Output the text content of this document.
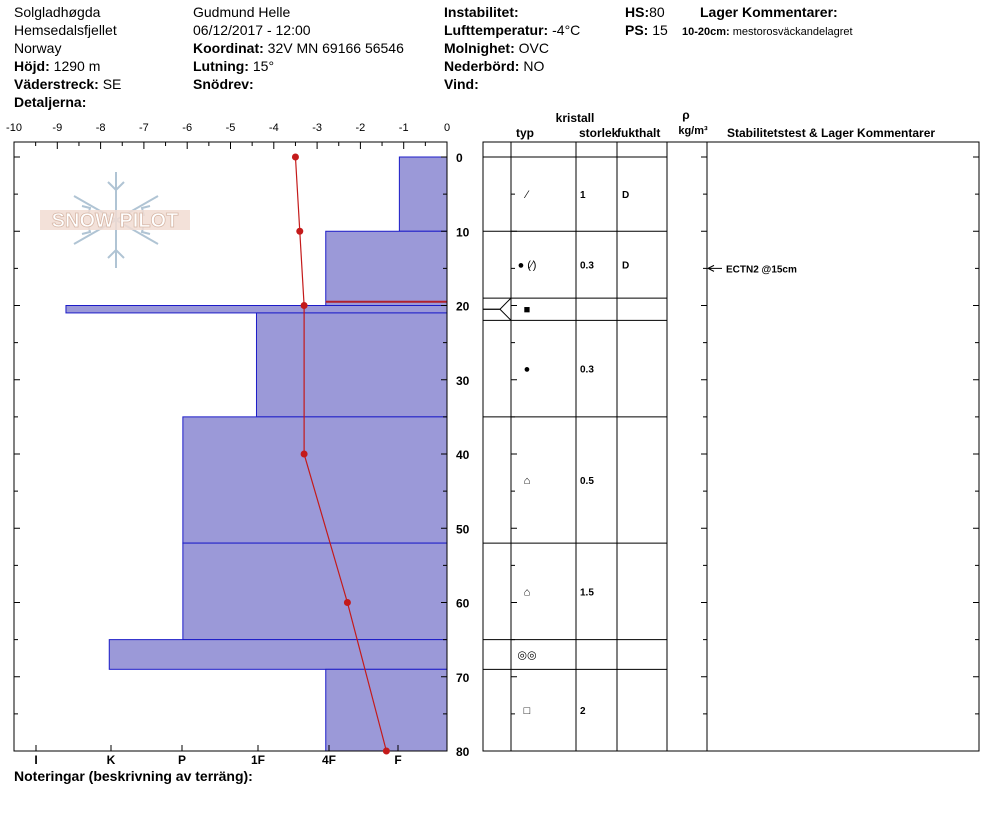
Solgladhøgda
Hemsedalsfjellet
Norway
Höjd: 1290 m
Väderstreck: SE
Detaljerna:
Gudmund Helle
06/12/2017 - 12:00
Koordinat: 32V MN 69166 56546
Lutning: 15°
Snödrev:
Instabilitet:
Lufttemperatur: -4°C
Molnighet: OVC
Nederbörd: NO
Vind:
HS:80
PS: 15
Lager Kommentarer:
10-20cm: mestorosväckandelagret
SNOW PILOT
-10	-9	-8	-7	-6	-5	-4	-3	-2	-1	0
0
10
20
30
40
50
60
70
80
I	K	P	1F	4F	F
kristall
typ	storlek
fukthalt
ρ
kg/m³ Stabilitetstest & Lager Kommentarer
⁄	1	D
● (⁄)	0.3	D
■
●	0.3
⌂	0.5
⌂	1.5
◎◎
□	2
ECTN2 @15cm
Noteringar (beskrivning av terräng):
